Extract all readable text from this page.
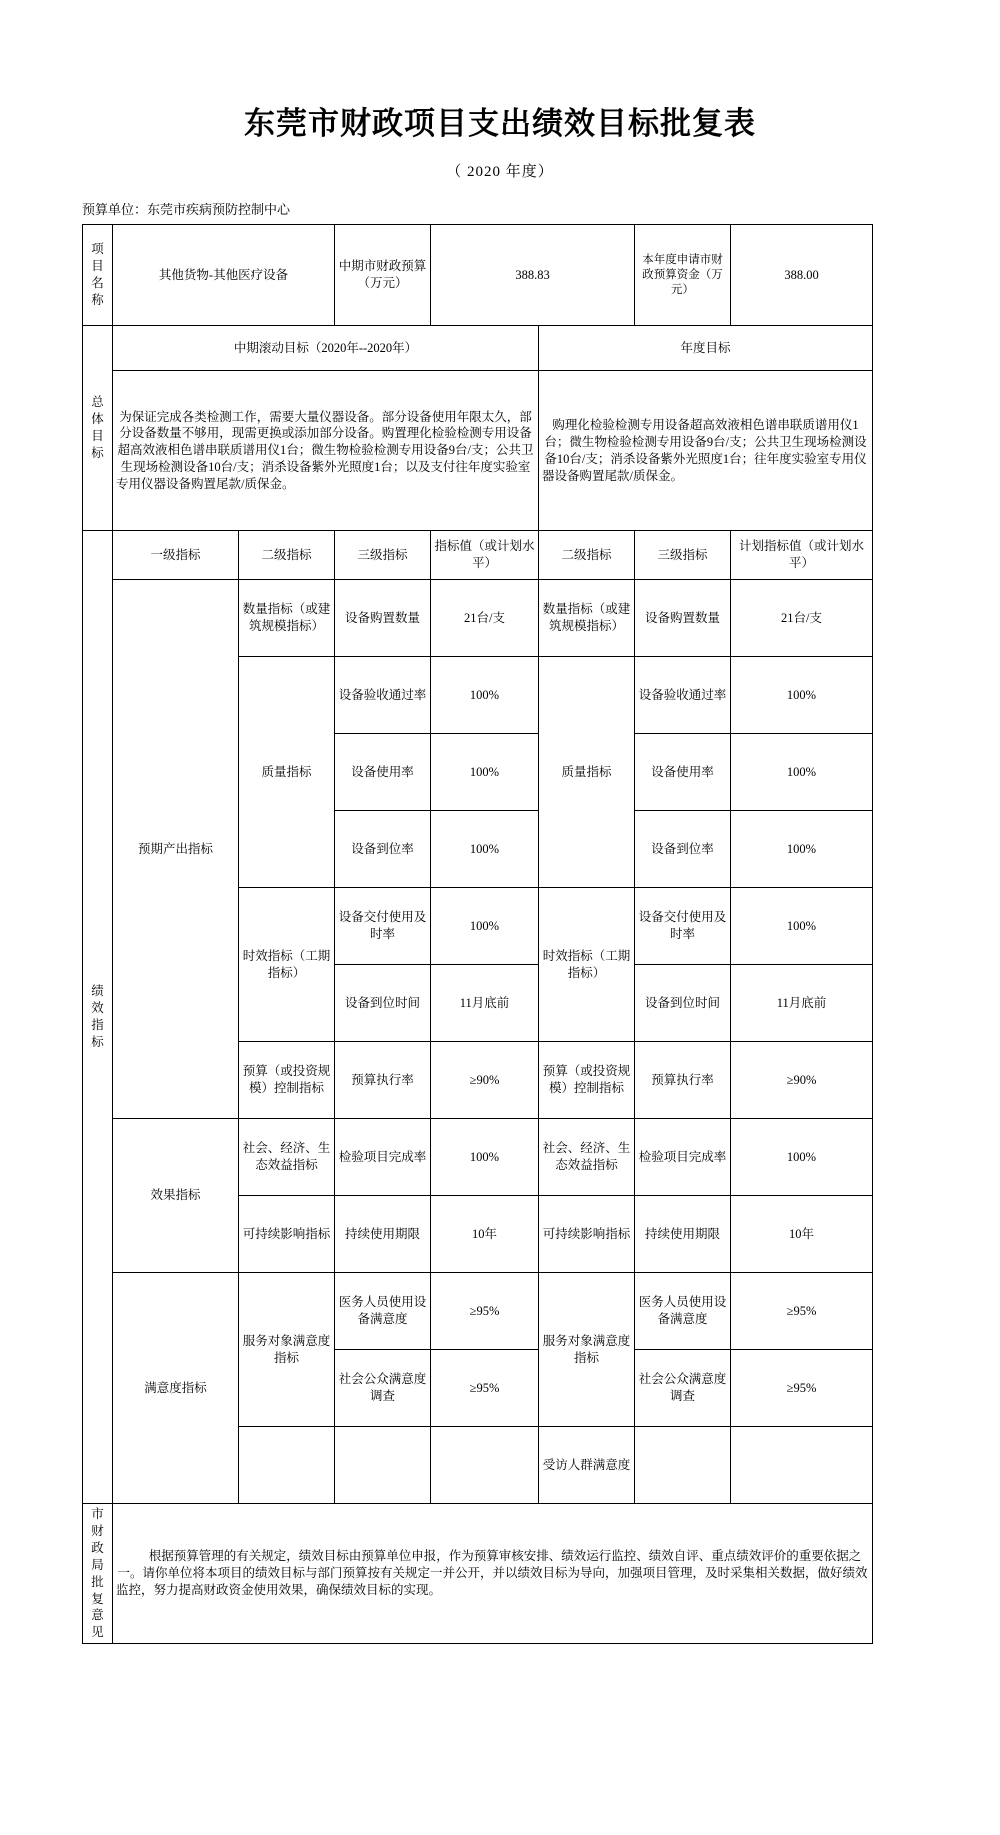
东莞市财政项目支出绩效目标批复表
（ 2020 年度）
预算单位：东莞市疾病预防控制中心
项目名称	其他货物-其他医疗设备		中期市财政预算（万元）	388.83		本年度申请市财政预算资金（万元）	388.00
总体目标	中期滚动目标（2020年--2020年）				年度目标		
	为保证完成各类检测工作，需要大量仪器设备。部分设备使用年限太久，部分设备数量不够用，现需更换或添加部分设备。购置理化检验检测专用设备超高效液相色谱串联质谱用仪1台；微生物检验检测专用设备9台/支；公共卫生现场检测设备10台/支；消杀设备紫外光照度1台；以及支付往年度实验室专用仪器设备购置尾款/质保金。				购理化检验检测专用设备超高效液相色谱串联质谱用仪1台；微生物检验检测专用设备9台/支；公共卫生现场检测设备10台/支；消杀设备紫外光照度1台；往年度实验室专用仪器设备购置尾款/质保金。		
绩效指标	一级指标	二级指标	三级指标	指标值（或计划水平）	二级指标	三级指标	计划指标值（或计划水平）
	预期产出指标	数量指标（或建筑规模指标）	设备购置数量	21台/支	数量指标（或建筑规模指标）	设备购置数量	21台/支
		质量指标	设备验收通过率	100%	质量指标	设备验收通过率	100%
			设备使用率	100%		设备使用率	100%
			设备到位率	100%		设备到位率	100%
		时效指标（工期指标）	设备交付使用及时率	100%	时效指标（工期指标）	设备交付使用及时率	100%
			设备到位时间	11月底前		设备到位时间	11月底前
		预算（或投资规模）控制指标	预算执行率	≥90%	预算（或投资规模）控制指标	预算执行率	≥90%
	效果指标	社会、经济、生态效益指标	检验项目完成率	100%	社会、经济、生态效益指标	检验项目完成率	100%
		可持续影响指标	持续使用期限	10年	可持续影响指标	持续使用期限	10年
	满意度指标	服务对象满意度指标	医务人员使用设备满意度	≥95%	服务对象满意度指标	医务人员使用设备满意度	≥95%
			社会公众满意度调查	≥95%		社会公众满意度调查	≥95%
					受访人群满意度		
市财政局批复意见	根据预算管理的有关规定，绩效目标由预算单位申报，作为预算审核安排、绩效运行监控、绩效自评、重点绩效评价的重要依据之一。请你单位将本项目的绩效目标与部门预算按有关规定一并公开，并以绩效目标为导向，加强项目管理，及时采集相关数据，做好绩效监控，努力提高财政资金使用效果，确保绩效目标的实现。						
